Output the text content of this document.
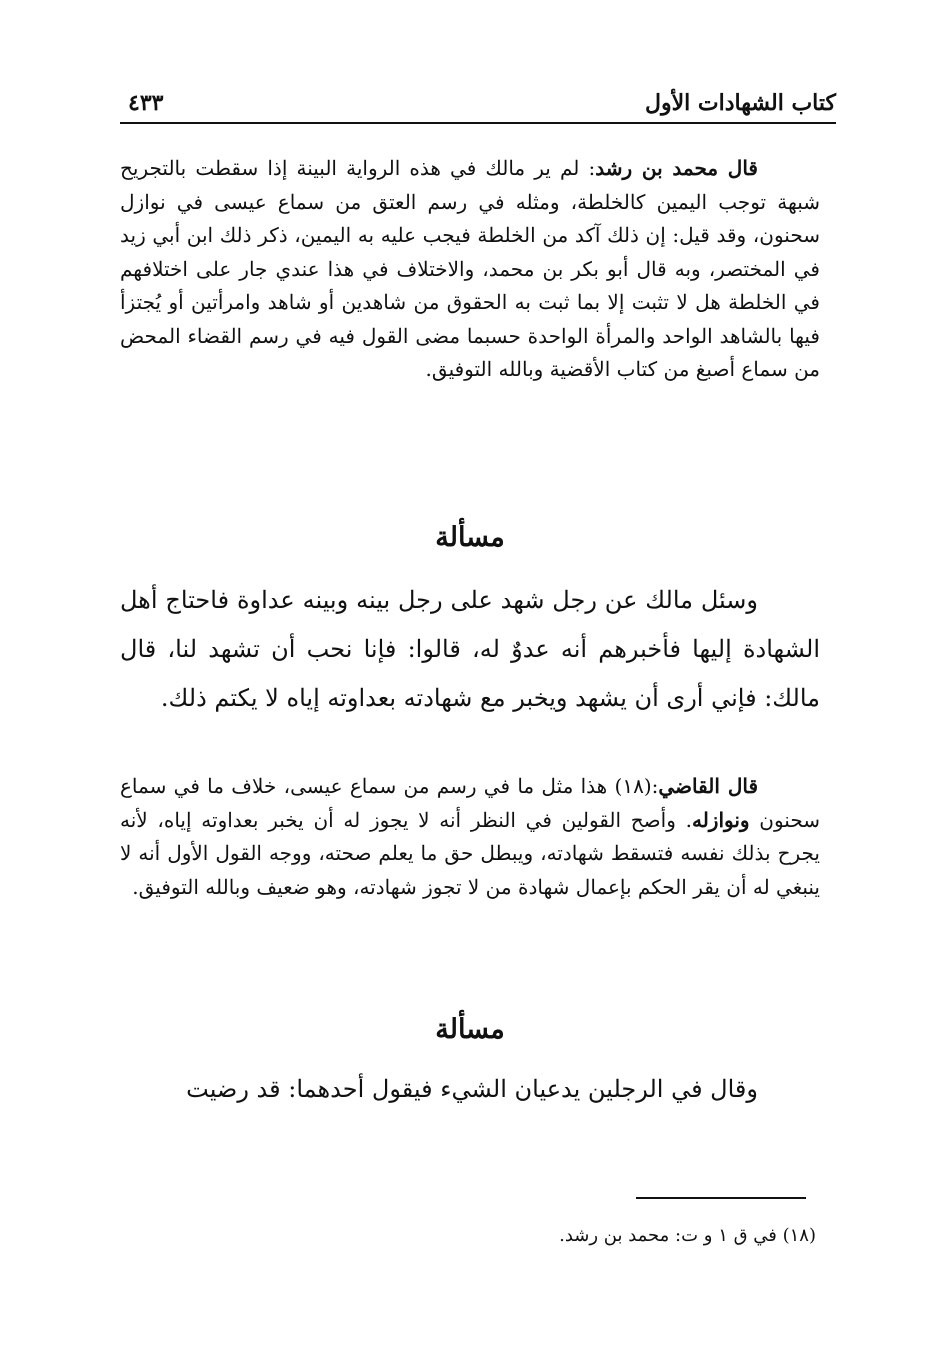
كتاب الشهادات الأول
٤٣٣

قال محمد بن رشد: لم ير مالك في هذه الرواية البينة إذا سقطت بالتجريح شبهة توجب اليمين كالخلطة، ومثله في رسم العتق من سماع عيسى في نوازل سحنون، وقد قيل: إن ذلك آكد من الخلطة فيجب عليه به اليمين، ذكر ذلك ابن أبي زيد في المختصر، وبه قال أبو بكر بن محمد، والاختلاف في هذا عندي جار على اختلافهم في الخلطة هل لا تثبت إلا بما ثبت به الحقوق من شاهدين أو شاهد وامرأتين أو يُجتزأ فيها بالشاهد الواحد والمرأة الواحدة حسبما مضى القول فيه في رسم القضاء المحض من سماع أصبغ من كتاب الأقضية وبالله التوفيق.

مسألة

وسئل مالك عن رجل شهد على رجل بينه وبينه عداوة فاحتاج أهل الشهادة إليها فأخبرهم أنه عدوٌ له، قالوا: فإنا نحب أن تشهد لنا، قال مالك: فإني أرى أن يشهد ويخبر مع شهادته بعداوته إياه لا يكتم ذلك.

قال القاضي:(١٨) هذا مثل ما في رسم من سماع عيسى، خلاف ما في سماع سحنون ونوازله. وأصح القولين في النظر أنه لا يجوز له أن يخبر بعداوته إياه، لأنه يجرح بذلك نفسه فتسقط شهادته، ويبطل حق ما يعلم صحته، ووجه القول الأول أنه لا ينبغي له أن يقر الحكم بإعمال شهادة من لا تجوز شهادته، وهو ضعيف وبالله التوفيق.

مسألة

وقال في الرجلين يدعيان الشيء فيقول أحدهما: قد رضيت

(١٨) في ق ١ و ت: محمد بن رشد.
